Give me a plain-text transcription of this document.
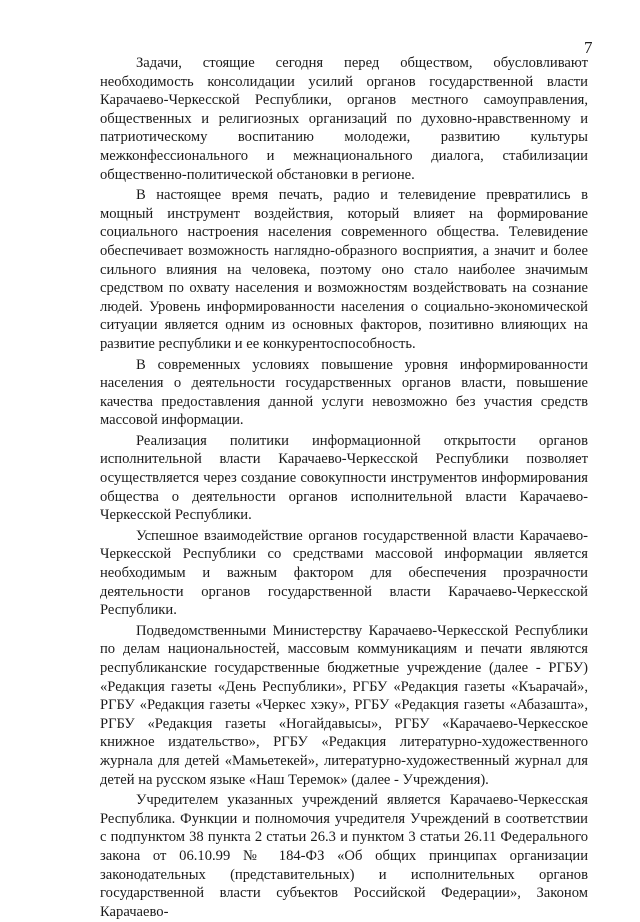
7

Задачи, стоящие сегодня перед обществом, обусловливают необходимость консолидации усилий органов государственной власти Карачаево-Черкесской Республики, органов местного самоуправления, общественных и религиозных организаций по духовно-нравственному и патриотическому воспитанию молодежи, развитию культуры межконфессионального и межнационального диалога, стабилизации общественно-политической обстановки в регионе.

В настоящее время печать, радио и телевидение превратились в мощный инструмент воздействия, который влияет на формирование социального настроения населения современного общества. Телевидение обеспечивает возможность наглядно-образного восприятия, а значит и более сильного влияния на человека, поэтому оно стало наиболее значимым средством по охвату населения и возможностям воздействовать на сознание людей. Уровень информированности населения о социально-экономической ситуации является одним из основных факторов, позитивно влияющих на развитие республики и ее конкурентоспособность.

В современных условиях повышение уровня информированности населения о деятельности государственных органов власти, повышение качества предоставления данной услуги невозможно без участия средств массовой информации.

Реализация политики информационной открытости органов исполнительной власти Карачаево-Черкесской Республики позволяет осуществляется через создание совокупности инструментов информирования общества о деятельности органов исполнительной власти Карачаево-Черкесской Республики.

Успешное взаимодействие органов государственной власти Карачаево-Черкесской Республики со средствами массовой информации является необходимым и важным фактором для обеспечения прозрачности деятельности органов государственной власти Карачаево-Черкесской Республики.

Подведомственными Министерству Карачаево-Черкесской Республики по делам национальностей, массовым коммуникациям и печати являются республиканские государственные бюджетные учреждение (далее - РГБУ) «Редакция газеты «День Республики», РГБУ «Редакция газеты «Къарачай», РГБУ «Редакция газеты «Черкес хэку», РГБУ «Редакция газеты «Абазашта», РГБУ «Редакция газеты «Ногайдавысы», РГБУ «Карачаево-Черкесское книжное издательство», РГБУ «Редакция литературно-художественного журнала для детей «Мамьетекей», литературно-художественный журнал для детей на русском языке «Наш Теремок» (далее - Учреждения).

Учредителем указанных учреждений является Карачаево-Черкесская Республика. Функции и полномочия учредителя Учреждений в соответствии с подпунктом 38 пункта 2 статьи 26.3 и пунктом 3 статьи 26.11 Федерального закона от 06.10.99 № 184-ФЗ «Об общих принципах организации законодательных (представительных) и исполнительных органов государственной власти субъектов Российской Федерации», Законом Карачаево-
